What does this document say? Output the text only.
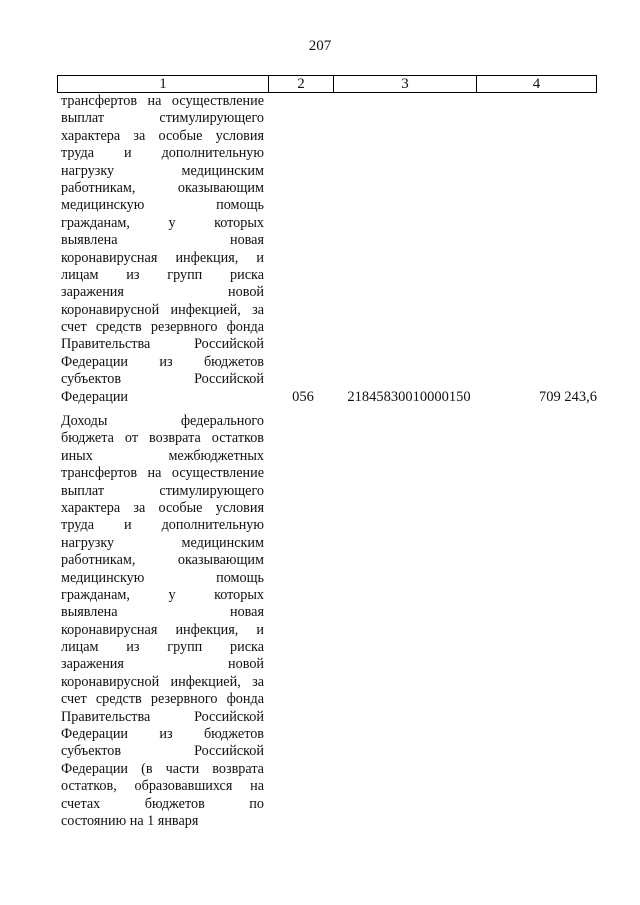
207
1	2	3	4
трансфертов на осуществление
выплат стимулирующего
характера за особые условия
труда и дополнительную
нагрузку медицинским
работникам, оказывающим
медицинскую помощь
гражданам, у которых
выявлена новая
коронавирусная инфекция, и
лицам из групп риска
заражения новой
коронавирусной инфекцией, за
счет средств резервного фонда
Правительства Российской
Федерации из бюджетов
субъектов Российской
Федерации	056	21845830010000150	709 243,6
Доходы федерального
бюджета от возврата остатков
иных межбюджетных
трансфертов на осуществление
выплат стимулирующего
характера за особые условия
труда и дополнительную
нагрузку медицинским
работникам, оказывающим
медицинскую помощь
гражданам, у которых
выявлена новая
коронавирусная инфекция, и
лицам из групп риска
заражения новой
коронавирусной инфекцией, за
счет средств резервного фонда
Правительства Российской
Федерации из бюджетов
субъектов Российской
Федерации (в части возврата
остатков, образовавшихся на
счетах бюджетов по
состоянию на 1 января
